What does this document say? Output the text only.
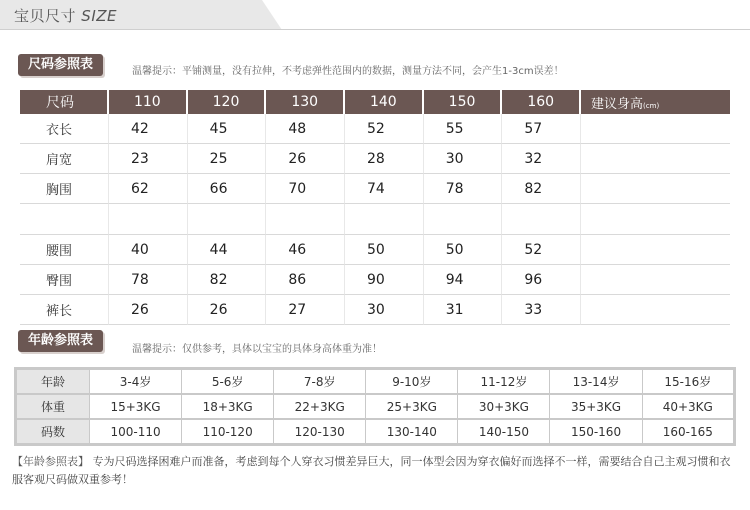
宝贝尺寸 SIZE
尺码参照表	温馨提示：平铺测量，没有拉伸，不考虑弹性范围内的数据，测量方法不同，会产生1-3cm误差！
尺码	110	120	130	140	150	160	建议身高(cm)
衣长	42	45	48	52	55	57	
肩宽	23	25	26	28	30	32	
胸围	62	66	70	74	78	82	

腰围	40	44	46	50	50	52	
臀围	78	82	86	90	94	96	
裤长	26	26	27	30	31	33	
年龄参照表
温馨提示：仅供参考，具体以宝宝的具体身高体重为准！
年龄	3-4岁	5-6岁	7-8岁	9-10岁	11-12岁	13-14岁	15-16岁
体重	15+3KG	18+3KG	22+3KG	25+3KG	30+3KG	35+3KG	40+3KG
码数	100-110	110-120	120-130	130-140	140-150	150-160	160-165
【年龄参照表】 专为尺码选择困难户而准备，考虑到每个人穿衣习惯差异巨大，同一体型会因为穿衣偏好而选择不一样，需要结合自己主观习惯和衣服客观尺码做双重参考！
